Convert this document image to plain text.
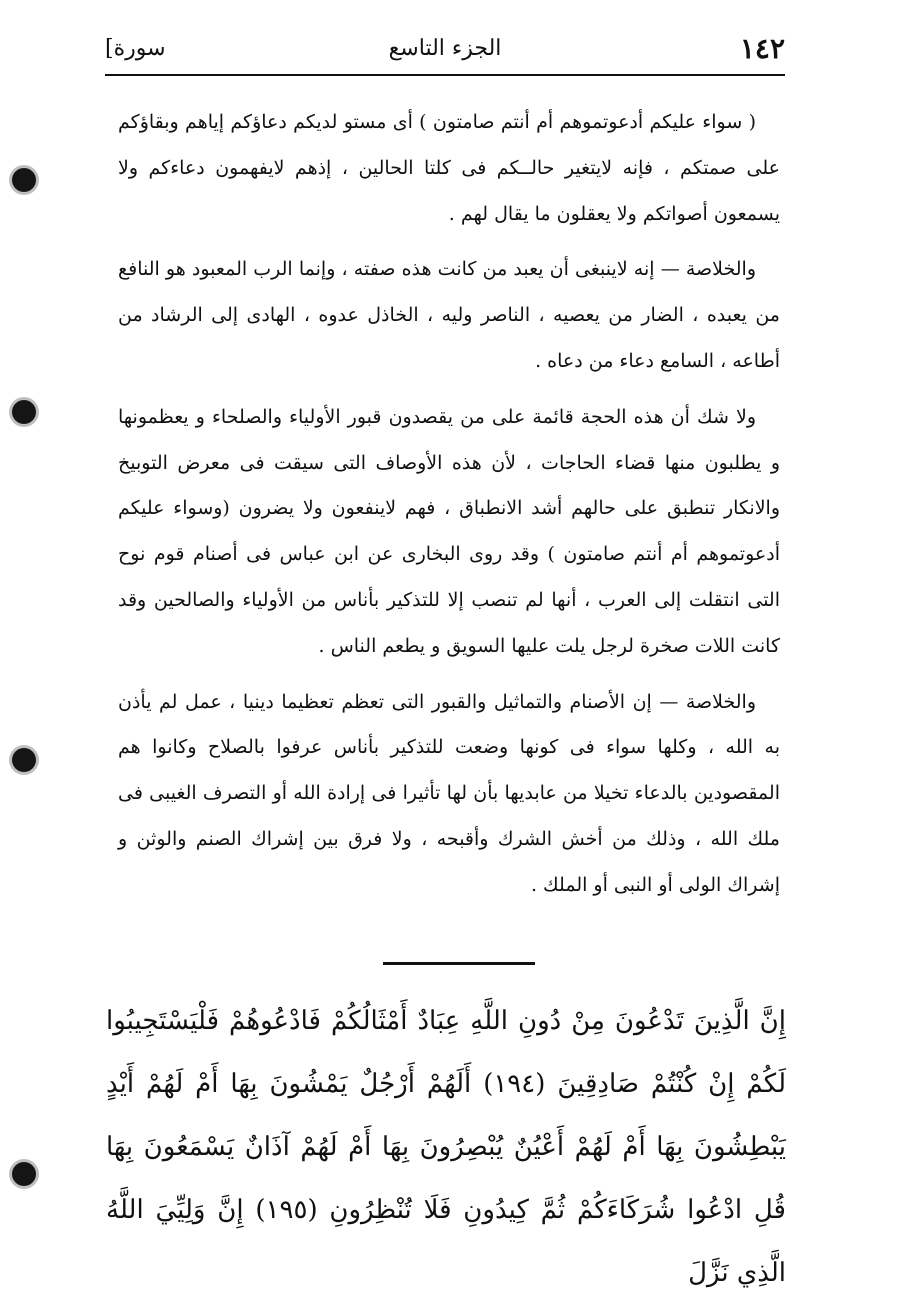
[سورة	الجزء التاسع	١٤٢

( سواء عليكم أدعوتموهم أم أنتم صامتون ) أى مستو لديكم دعاؤكم إياهم وبقاؤكم على صمتكم ، فإنه لايتغير حالــكم فى كلتا الحالين ، إذهم لايفهمون دعاءكم ولا يسمعون أصواتكم ولا يعقلون ما يقال لهم .

والخلاصة — إنه لاينبغى أن يعبد من كانت هذه صفته ، وإنما الرب المعبود هو النافع من يعبده ، الضار من يعصيه ، الناصر وليه ، الخاذل عدوه ، الهادى إلى الرشاد من أطاعه ، السامع دعاء من دعاه .

ولا شك أن هذه الحجة قائمة على من يقصدون قبور الأولياء والصلحاء و يعظمونها و يطلبون منها قضاء الحاجات ، لأن هذه الأوصاف التى سيقت فى معرض التوبيخ والانكار تنطبق على حالهم أشد الانطباق ، فهم لاينفعون ولا يضرون (وسواء عليكم أدعوتموهم أم أنتم صامتون ) وقد روى البخارى عن ابن عباس فى أصنام قوم نوح التى انتقلت إلى العرب ، أنها لم تنصب إلا للتذكير بأناس من الأولياء والصالحين وقد كانت اللات صخرة لرجل يلت عليها السويق و يطعم الناس .

والخلاصة — إن الأصنام والتماثيل والقبور التى تعظم تعظيما دينيا ، عمل لم يأذن به الله ، وكلها سواء فى كونها وضعت للتذكير بأناس عرفوا بالصلاح وكانوا هم المقصودين بالدعاء تخيلا من عابديها بأن لها تأثيرا فى إرادة الله أو التصرف الغيبى فى ملك الله ، وذلك من أخش الشرك وأقبحه ، ولا فرق بين إشراك الصنم والوثن و إشراك الولى أو النبى أو الملك .

إِنَّ الَّذِينَ تَدْعُونَ مِنْ دُونِ اللَّهِ عِبَادٌ أَمْثَالُكُمْ فَادْعُوهُمْ فَلْيَسْتَجِيبُوا لَكُمْ إِنْ كُنْتُمْ صَادِقِينَ (١٩٤) أَلَهُمْ أَرْجُلٌ يَمْشُونَ بِهَا أَمْ لَهُمْ أَيْدٍ يَبْطِشُونَ بِهَا أَمْ لَهُمْ أَعْيُنٌ يُبْصِرُونَ بِهَا أَمْ لَهُمْ آذَانٌ يَسْمَعُونَ بِهَا قُلِ ادْعُوا شُرَكَاءَكُمْ ثُمَّ كِيدُونِ فَلَا تُنْظِرُونِ (١٩٥) إِنَّ وَلِيِّيَ اللَّهُ الَّذِي نَزَّلَ
